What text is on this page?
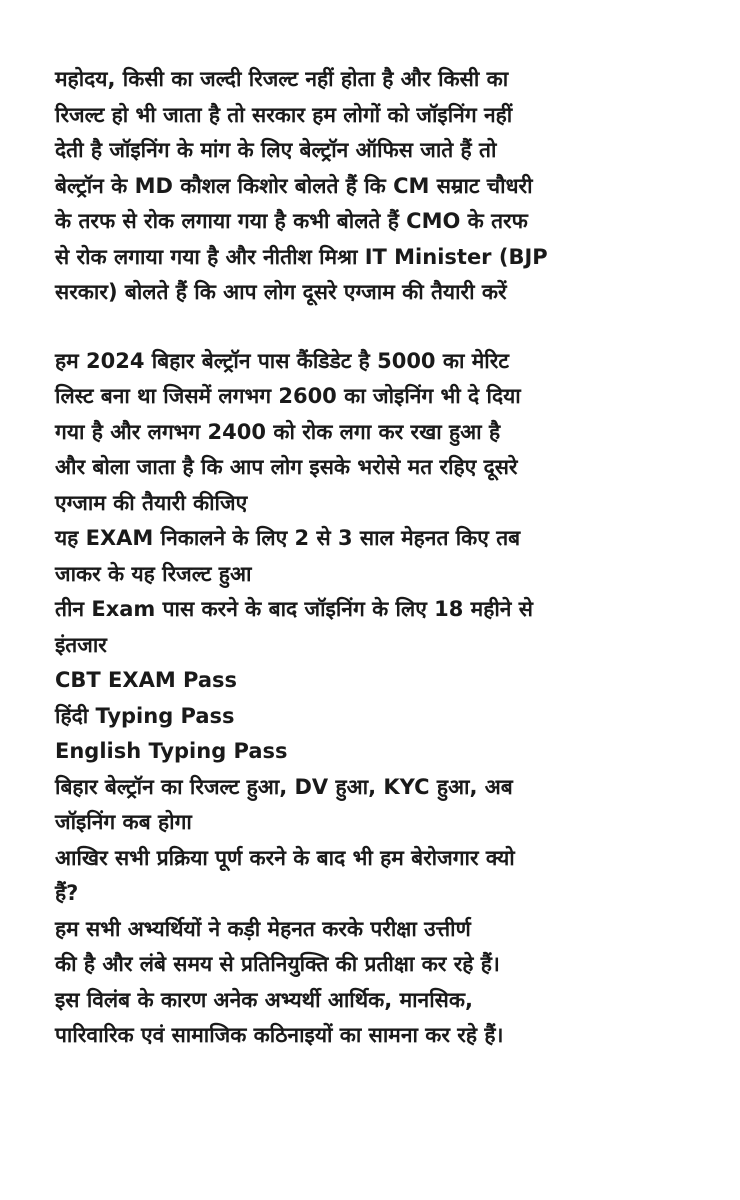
महोदय, किसी का जल्दी रिजल्ट नहीं होता है और किसी का
रिजल्ट हो भी जाता है तो सरकार हम लोगों को जॉइनिंग नहीं
देती है जॉइनिंग के मांग के लिए बेल्ट्रॉन ऑफिस जाते हैं तो
बेल्ट्रॉन के MD कौशल किशोर बोलते हैं कि CM सम्राट चौधरी
के तरफ से रोक लगाया गया है कभी बोलते हैं CMO के तरफ
से रोक लगाया गया है और नीतीश मिश्रा IT Minister (BJP
सरकार) बोलते हैं कि आप लोग दूसरे एग्जाम की तैयारी करें
हम 2024 बिहार बेल्ट्रॉन पास कैंडिडेट है 5000 का मेरिट
लिस्ट बना था जिसमें लगभग 2600 का जोइनिंग भी दे दिया
गया है और लगभग 2400 को रोक लगा कर रखा हुआ है
और बोला जाता है कि आप लोग इसके भरोसे मत रहिए दूसरे
एग्जाम की तैयारी कीजिए
यह EXAM निकालने के लिए 2 से 3 साल मेहनत किए तब
जाकर के यह रिजल्ट हुआ
तीन Exam पास करने के बाद जॉइनिंग के लिए 18 महीने से
इंतजार
CBT EXAM Pass
हिंदी Typing Pass
English Typing Pass
बिहार बेल्ट्रॉन का रिजल्ट हुआ, DV हुआ, KYC हुआ, अब
जॉइनिंग कब होगा
आखिर सभी प्रक्रिया पूर्ण करने के बाद भी हम बेरोजगार क्यो
हैं?
हम सभी अभ्यर्थियों ने कड़ी मेहनत करके परीक्षा उत्तीर्ण
की है और लंबे समय से प्रतिनियुक्ति की प्रतीक्षा कर रहे हैं।
इस विलंब के कारण अनेक अभ्यर्थी आर्थिक, मानसिक,
पारिवारिक एवं सामाजिक कठिनाइयों का सामना कर रहे हैं।
